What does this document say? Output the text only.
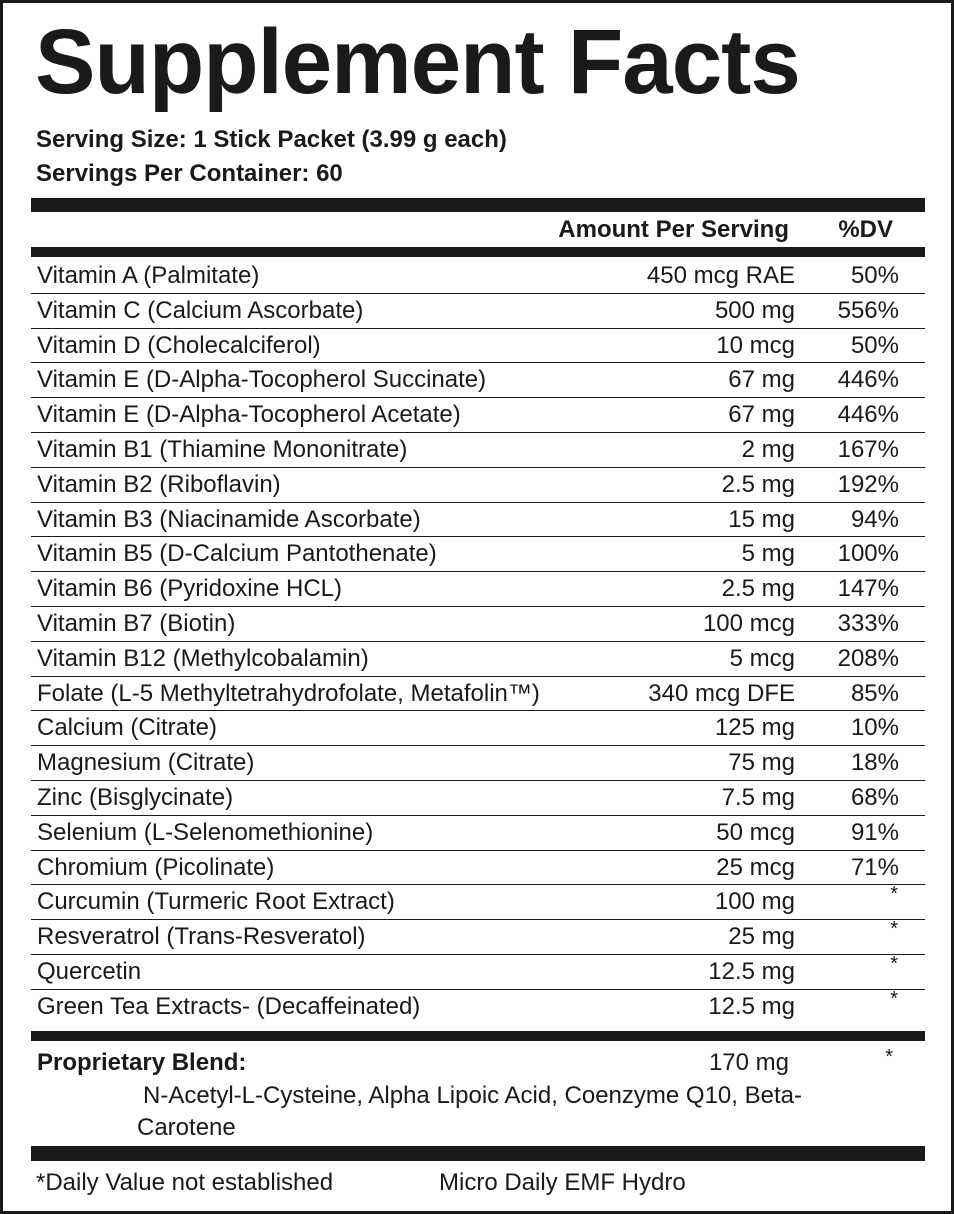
Supplement Facts
Serving Size: 1 Stick Packet (3.99 g each)
Servings Per Container: 60
Amount Per Serving %DV
Vitamin A (Palmitate)	450 mcg RAE 50%
Vitamin C (Calcium Ascorbate)	500 mg 556%
Vitamin D (Cholecalciferol)	10 mcg 50%
Vitamin E (D-Alpha-Tocopherol Succinate)	67 mg 446%
Vitamin E (D-Alpha-Tocopherol Acetate)	67 mg 446%
Vitamin B1 (Thiamine Mononitrate)	2 mg 167%
Vitamin B2 (Riboflavin)	2.5 mg 192%
Vitamin B3 (Niacinamide Ascorbate)	15 mg 94%
Vitamin B5 (D-Calcium Pantothenate)	5 mg 100%
Vitamin B6 (Pyridoxine HCL)	2.5 mg 147%
Vitamin B7 (Biotin)	100 mcg 333%
Vitamin B12 (Methylcobalamin)	5 mcg 208%
Folate (L-5 Methyltetrahydrofolate, Metafolin™)	340 mcg DFE 85%
Calcium (Citrate)	125 mg 10%
Magnesium (Citrate)	75 mg 18%
Zinc (Bisglycinate)	7.5 mg 68%
Selenium (L-Selenomethionine)	50 mcg 91%
Chromium (Picolinate)	25 mcg 71%
Curcumin (Turmeric Root Extract)	100 mg	*
Resveratrol (Trans-Resveratol)	25 mg	*
Quercetin	12.5 mg	*
Green Tea Extracts- (Decaffeinated)	12.5 mg	*
Proprietary Blend:	170 mg	*
N-Acetyl-L-Cysteine, Alpha Lipoic Acid, Coenzyme Q10, Beta-Carotene
*Daily Value not established	Micro Daily EMF Hydro
